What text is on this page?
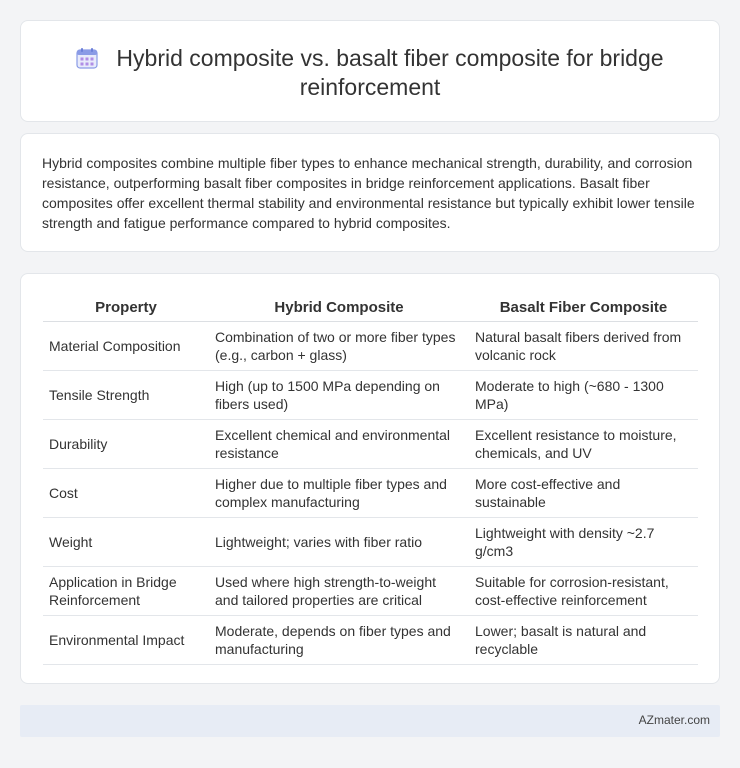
Hybrid composite vs. basalt fiber composite for bridge reinforcement

Hybrid composites combine multiple fiber types to enhance mechanical strength, durability, and corrosion resistance, outperforming basalt fiber composites in bridge reinforcement applications. Basalt fiber composites offer excellent thermal stability and environmental resistance but typically exhibit lower tensile strength and fatigue performance compared to hybrid composites.

Property	Hybrid Composite	Basalt Fiber Composite
Material Composition	Combination of two or more fiber types (e.g., carbon + glass)	Natural basalt fibers derived from volcanic rock
Tensile Strength	High (up to 1500 MPa depending on fibers used)	Moderate to high (~680 - 1300 MPa)
Durability	Excellent chemical and environmental resistance	Excellent resistance to moisture, chemicals, and UV
Cost	Higher due to multiple fiber types and complex manufacturing	More cost-effective and sustainable
Weight	Lightweight; varies with fiber ratio	Lightweight with density ~2.7 g/cm3
Application in Bridge Reinforcement	Used where high strength-to-weight and tailored properties are critical	Suitable for corrosion-resistant, cost-effective reinforcement
Environmental Impact	Moderate, depends on fiber types and manufacturing	Lower; basalt is natural and recyclable
AZmater.com
